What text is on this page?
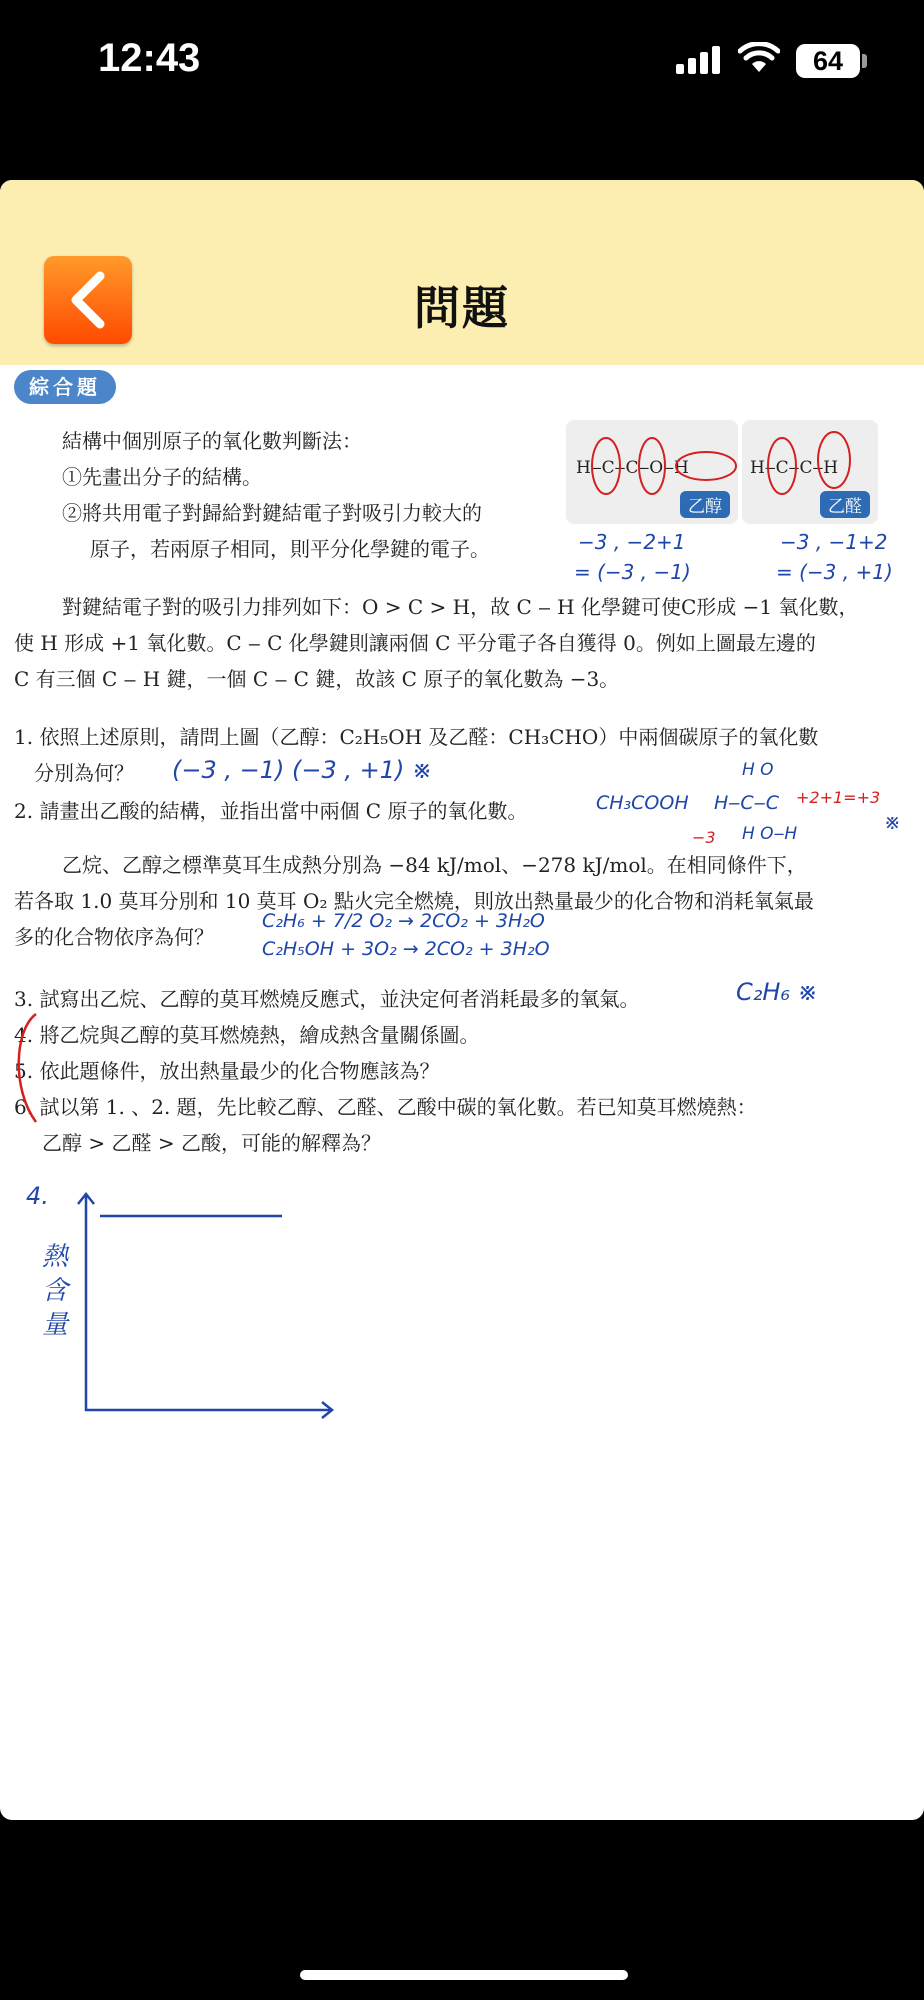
12:43	64
問題
綜合題
結構中個別原子的氧化數判斷法：
①先畫出分子的結構。
②將共用電子對歸給對鍵結電子對吸引力較大的
原子，若兩原子相同，則平分化學鍵的電子。
H‒C‒C‒O‒H
乙醇
H‒C‒C‒H
乙醛
−3 , −2+1
= (−3 , −1)
−3 , −1+2
= (−3 , +1)
對鍵結電子對的吸引力排列如下：O > C > H，故 C ‒ H 化學鍵可使C形成 −1 氧化數，
使 H 形成 +1 氧化數。C ‒ C 化學鍵則讓兩個 C 平分電子各自獲得 0。例如上圖最左邊的
C 有三個 C ‒ H 鍵，一個 C ‒ C 鍵，故該 C 原子的氧化數為 −3。
1. 依照上述原則，請問上圖（乙醇：C₂H₅OH 及乙醛：CH₃CHO）中兩個碳原子的氧化數
分別為何？ (−3 , −1) (−3 , +1) ※
2. 請畫出乙酸的結構，並指出當中兩個 C 原子的氧化數。	CH₃COOH
H O
H‒C‒C
H O‒H
+2+1=+3
−3
※
乙烷、乙醇之標準莫耳生成熱分別為 −84 kJ/mol、−278 kJ/mol。在相同條件下，
若各取 1.0 莫耳分別和 10 莫耳 O₂ 點火完全燃燒，則放出熱量最少的化合物和消耗氧氣最
多的化合物依序為何？
C₂H₆ + 7/2 O₂ → 2CO₂ + 3H₂O
C₂H₅OH + 3O₂ → 2CO₂ + 3H₂O
3. 試寫出乙烷、乙醇的莫耳燃燒反應式，並決定何者消耗最多的氧氣。	C₂H₆ ※
4. 將乙烷與乙醇的莫耳燃燒熱，繪成熱含量關係圖。
5. 依此題條件，放出熱量最少的化合物應該為？
6. 試以第 1. 、2. 題，先比較乙醇、乙醛、乙酸中碳的氧化數。若已知莫耳燃燒熱：
乙醇 > 乙醛 > 乙酸，可能的解釋為？
4.
熱含量
